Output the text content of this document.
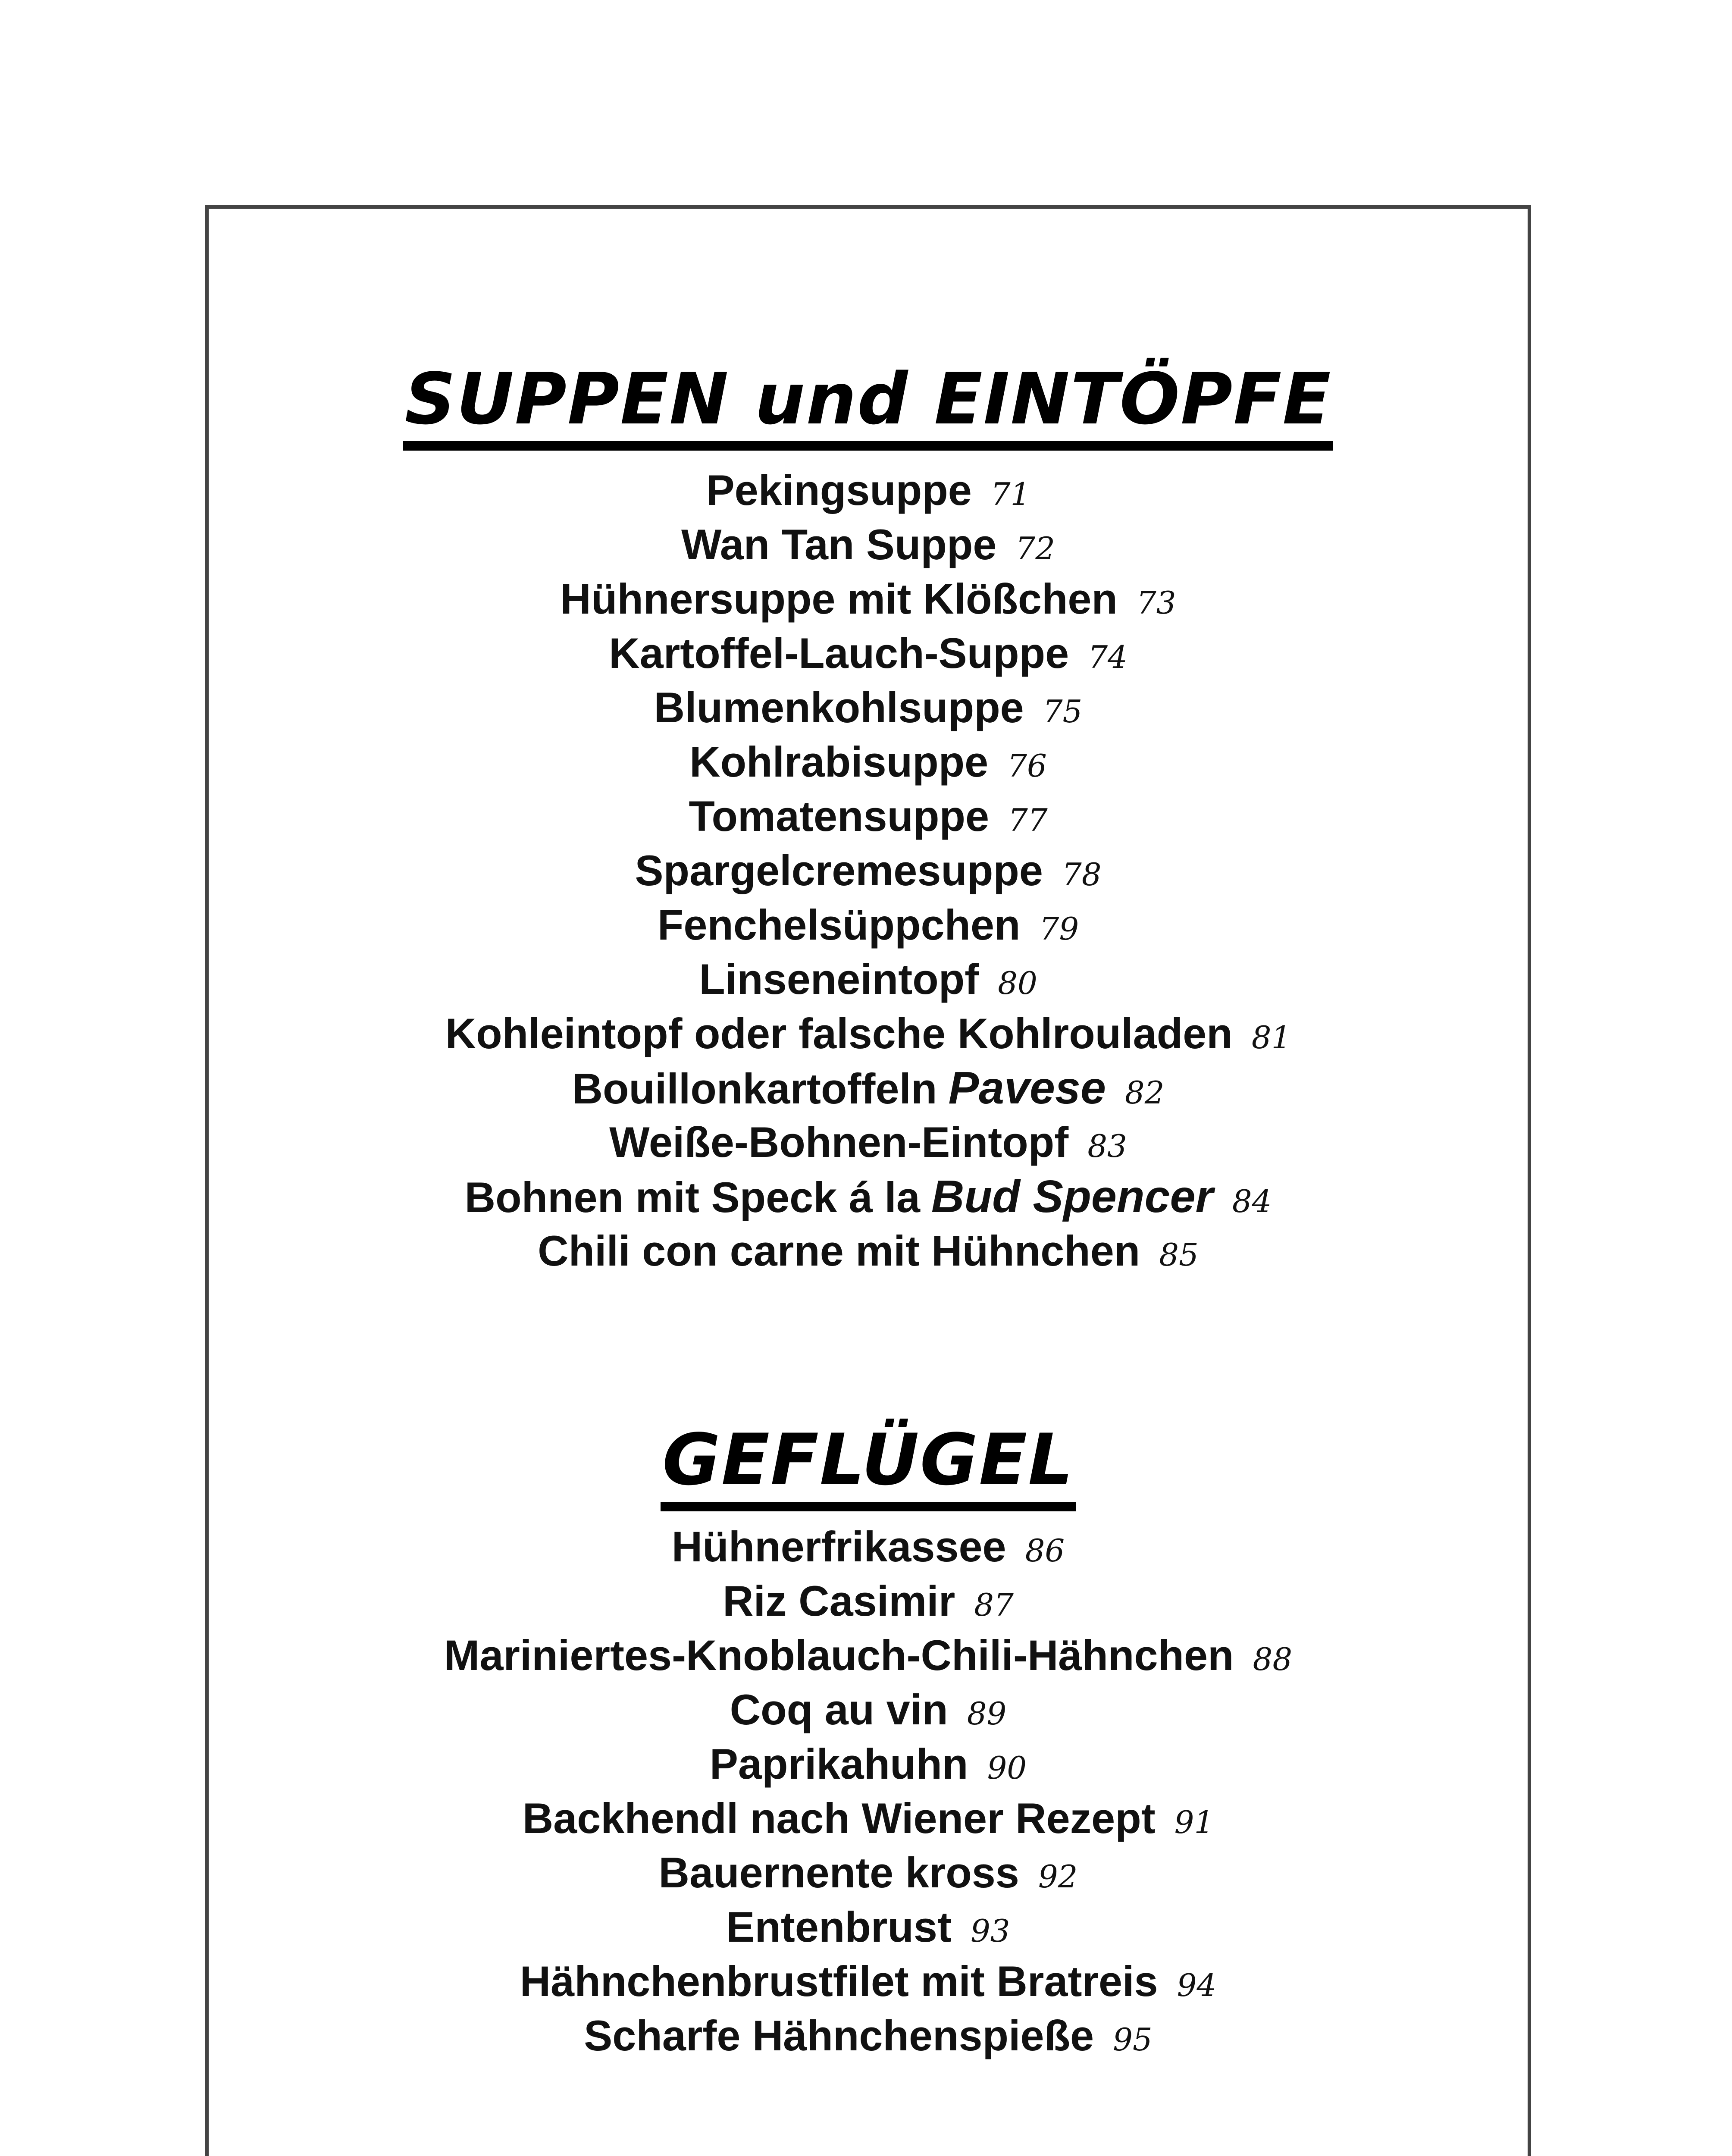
SUPPEN und EINTÖPFE
Pekingsuppe 71
Wan Tan Suppe 72
Hühnersuppe mit Klößchen 73
Kartoffel-Lauch-Suppe 74
Blumenkohlsuppe 75
Kohlrabisuppe 76
Tomatensuppe 77
Spargelcremesuppe 78
Fenchelsüppchen 79
Linseneintopf 80
Kohleintopf oder falsche Kohlrouladen 81
Bouillonkartoffeln Pavese 82
Weiße-Bohnen-Eintopf 83
Bohnen mit Speck á la Bud Spencer 84
Chili con carne mit Hühnchen 85
GEFLÜGEL
Hühnerfrikassee 86
Riz Casimir 87
Mariniertes-Knoblauch-Chili-Hähnchen 88
Coq au vin 89
Paprikahuhn 90
Backhendl nach Wiener Rezept 91
Bauernente kross 92
Entenbrust 93
Hähnchenbrustfilet mit Bratreis 94
Scharfe Hähnchenspieße 95
